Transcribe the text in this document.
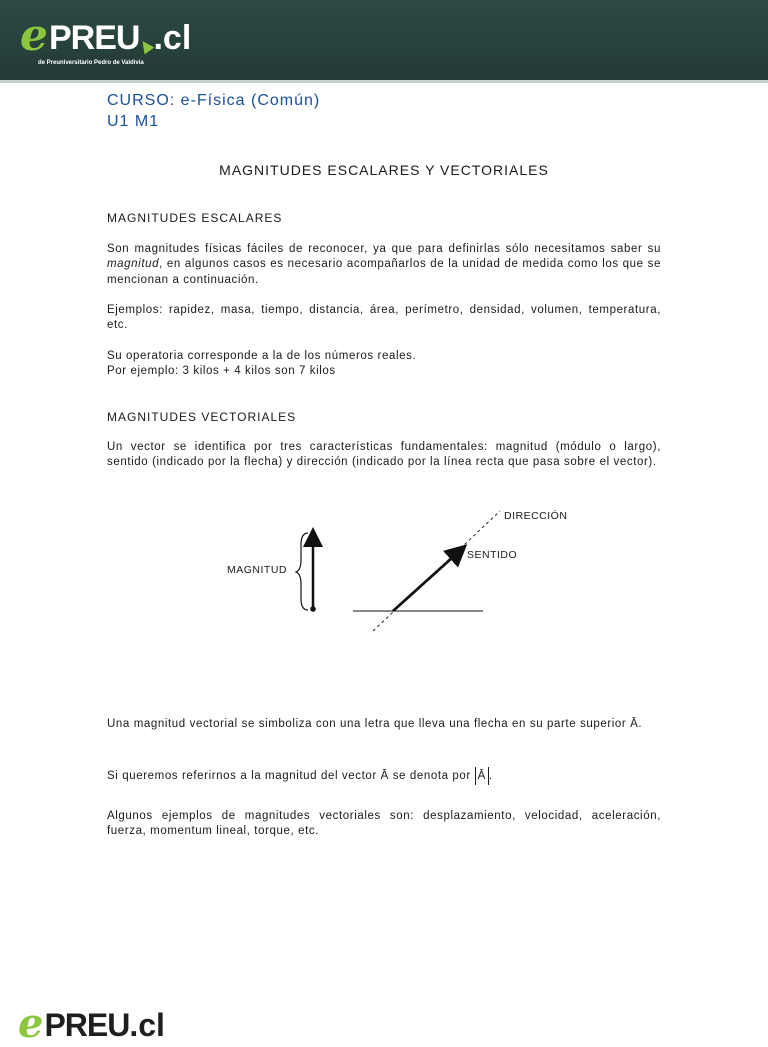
e PREU .cl
de Preuniversitario Pedro de Valdivia
CURSO: e-Física (Común)
U1 M1
MAGNITUDES ESCALARES Y VECTORIALES
MAGNITUDES ESCALARES

Son magnitudes físicas fáciles de reconocer, ya que para definirlas sólo necesitamos saber su magnitud, en algunos casos es necesario acompañarlos de la unidad de medida como los que se mencionan a continuación.

Ejemplos: rapidez, masa, tiempo, distancia, área, perímetro, densidad, volumen, temperatura, etc.

Su operatoria corresponde a la de los números reales.

Por ejemplo: 3 kilos + 4 kilos son 7 kilos

MAGNITUDES VECTORIALES

Un vector se identifica por tres características fundamentales: magnitud (módulo o largo), sentido (indicado por la flecha) y dirección (indicado por la línea recta que pasa sobre el vector).

MAGNITUD
DIRECCIÓN
SENTIDO

Una magnitud vectorial se simboliza con una letra que lleva una flecha en su parte superior Ā.

Si queremos referirnos a la magnitud del vector Ā se denota por Ā .

Algunos ejemplos de magnitudes vectoriales son: desplazamiento, velocidad, aceleración, fuerza, momentum lineal, torque, etc.

e PREU .cl
